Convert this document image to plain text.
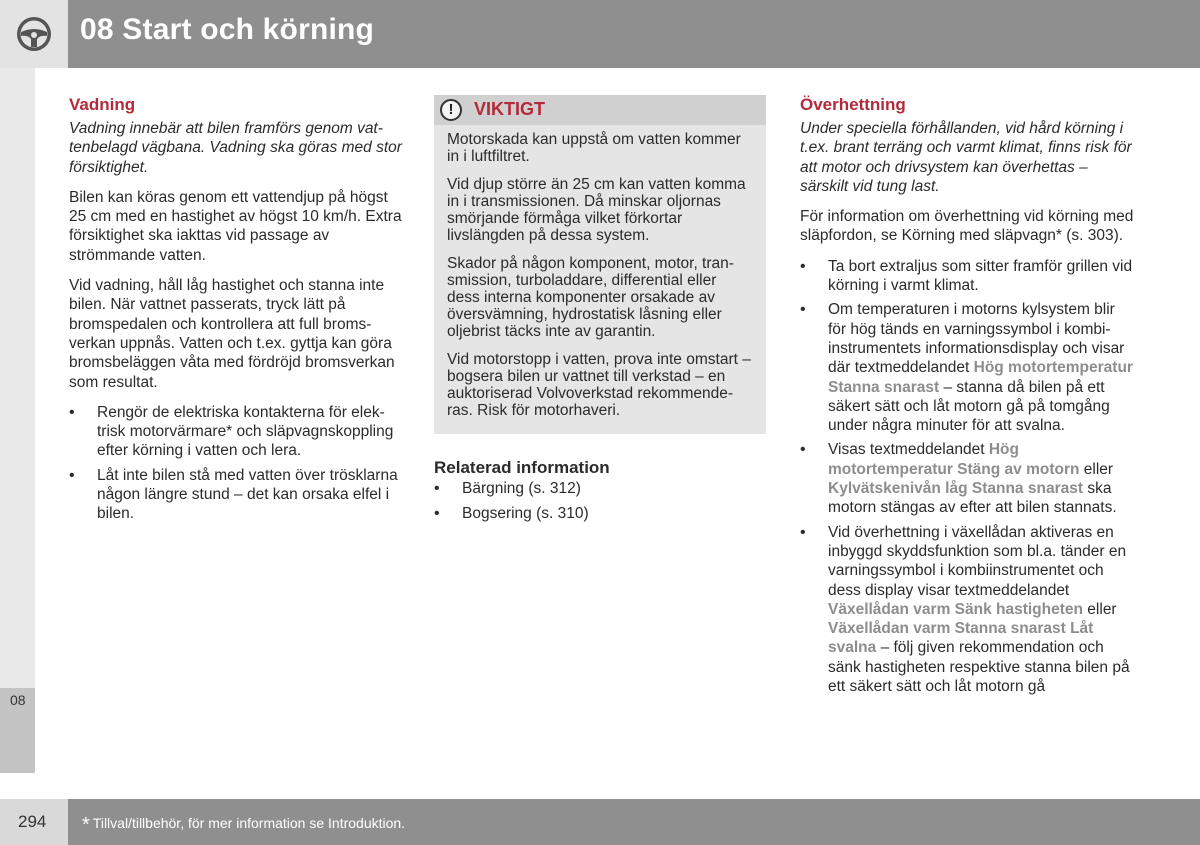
08 Start och körning
08
Vadning

Vadning innebär att bilen framförs genom vattenbelagd vägbana. Vadning ska göras med stor försiktighet.

Bilen kan köras genom ett vattendjup på högst 25 cm med en hastighet av högst 10 km/h. Extra försiktighet ska iakttas vid passage av strömmande vatten.

Vid vadning, håll låg hastighet och stanna inte bilen. När vattnet passerats, tryck lätt på bromspedalen och kontrollera att full bromsverkan uppnås. Vatten och t.ex. gyttja kan göra bromsbeläggen våta med fördröjd bromsverkan som resultat.

• Rengör de elektriska kontakterna för elektrisk motorvärmare* och släpvagnskoppling efter körning i vatten och lera.
• Låt inte bilen stå med vatten över trösklarna någon längre stund – det kan orsaka elfel i bilen.
!	VIKTIGT

Motorskada kan uppstå om vatten kommer in i luftfiltret.

Vid djup större än 25 cm kan vatten komma in i transmissionen. Då minskar oljornas smörjande förmåga vilket förkortar livslängden på dessa system.

Skador på någon komponent, motor, transmission, turboladdare, differential eller dess interna komponenter orsakade av översvämning, hydrostatisk låsning eller oljebrist täcks inte av garantin.

Vid motorstopp i vatten, prova inte omstart – bogsera bilen ur vattnet till verkstad – en auktoriserad Volvoverkstad rekommenderas. Risk för motorhaveri.

Relaterad information
• Bärgning (s. 312)
• Bogsering (s. 310)
Överhettning

Under speciella förhållanden, vid hård körning i t.ex. brant terräng och varmt klimat, finns risk för att motor och drivsystem kan överhettas – särskilt vid tung last.

För information om överhettning vid körning med släpfordon, se Körning med släpvagn* (s. 303).

• Ta bort extraljus som sitter framför grillen vid körning i varmt klimat.
• Om temperaturen i motorns kylsystem blir för hög tänds en varningssymbol i kombiinstrumentets informationsdisplay och visar där textmeddelandet Hög motortemperatur Stanna snarast – stanna då bilen på ett säkert sätt och låt motorn gå på tomgång under några minuter för att svalna.
• Visas textmeddelandet Hög motortemperatur Stäng av motorn eller Kylvätskenivån låg Stanna snarast ska motorn stängas av efter att bilen stannats.
• Vid överhettning i växellådan aktiveras en inbyggd skyddsfunktion som bl.a. tänder en varningssymbol i kombiinstrumentet och dess display visar textmeddelandet Växellådan varm Sänk hastigheten eller Växellådan varm Stanna snarast Låt svalna – följ given rekommendation och sänk hastigheten respektive stanna bilen på ett säkert sätt och låt motorn gå
294 * Tillval/tillbehör, för mer information se Introduktion.
